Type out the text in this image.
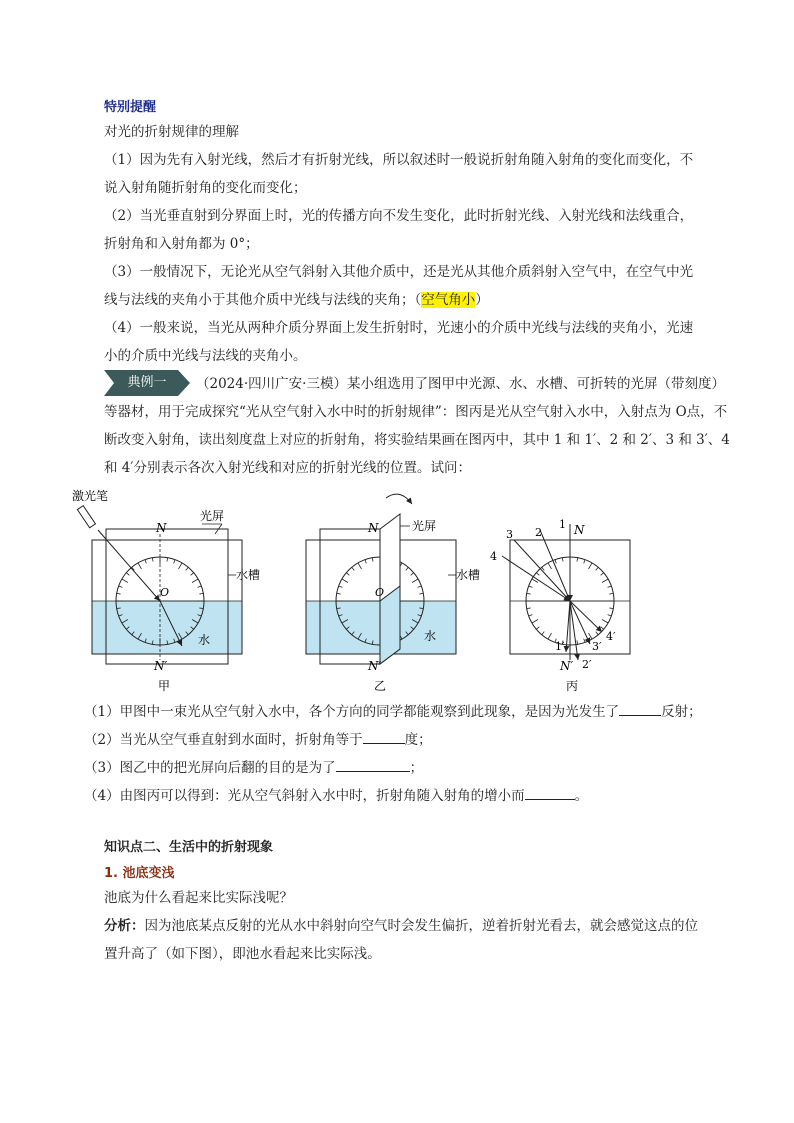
特别提醒
对光的折射规律的理解
（1）因为先有入射光线，然后才有折射光线，所以叙述时一般说折射角随入射角的变化而变化，不
说入射角随折射角的变化而变化；
（2）当光垂直射到分界面上时，光的传播方向不发生变化，此时折射光线、入射光线和法线重合，
折射角和入射角都为 0°；
（3）一般情况下，无论光从空气斜射入其他介质中，还是光从其他介质斜射入空气中，在空气中光
线与法线的夹角小于其他介质中光线与法线的夹角；（空气角小）
（4）一般来说，当光从两种介质分界面上发生折射时，光速小的介质中光线与法线的夹角小，光速
小的介质中光线与法线的夹角小。
典例一	（2024·四川广安·三模）某小组选用了图甲中光源、水、水槽、可折转的光屏（带刻度）
等器材，用于完成探究“光从空气射入水中时的折射规律”：图丙是光从空气射入水中，入射点为 O点，不
断改变入射角，读出刻度盘上对应的折射角，将实验结果画在图丙中，其中 1 和 1′、2 和 2′、3 和 3′、4
和 4′分别表示各次入射光线和对应的折射光线的位置。试问：
激光笔
光屏
水槽
水
N
N′
O
甲
光屏
水槽
水
N
N′
O
乙
1
2
3
4
N
N′
1′
2′
3′
4′
丙
（1）甲图中一束光从空气射入水中，各个方向的同学都能观察到此现象，是因为光发生了	反射；
（2）当光从空气垂直射到水面时，折射角等于	度；
（3）图乙中的把光屏向后翻的目的是为了	；
（4）由图丙可以得到：光从空气斜射入水中时，折射角随入射角的增小而	。
知识点二、生活中的折射现象
1. 池底变浅
池底为什么看起来比实际浅呢？
分析：因为池底某点反射的光从水中斜射向空气时会发生偏折，逆着折射光看去，就会感觉这点的位
置升高了（如下图），即池水看起来比实际浅。
